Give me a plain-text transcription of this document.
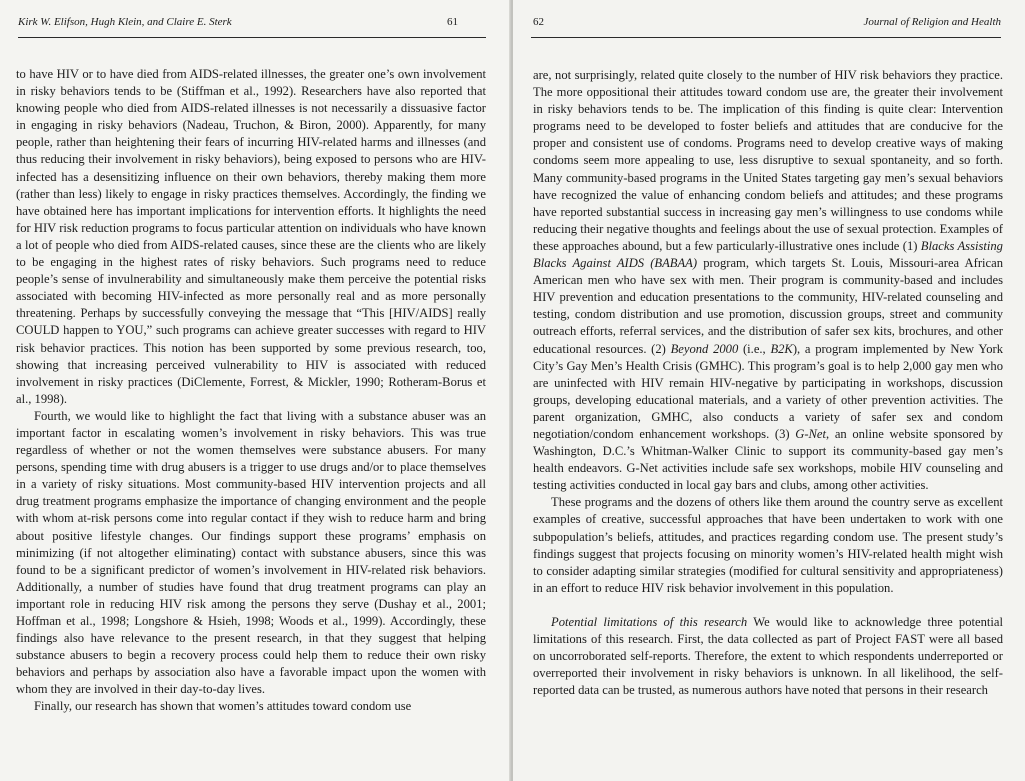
Kirk W. Elifson, Hugh Klein, and Claire E. Sterk	61

to have HIV or to have died from AIDS-related illnesses, the greater one’s own involvement in risky behaviors tends to be (Stiffman et al., 1992). Researchers have also reported that knowing people who died from AIDS-related illnesses is not necessarily a dissuasive factor in engaging in risky behaviors (Nadeau, Truchon, & Biron, 2000). Apparently, for many people, rather than heightening their fears of incurring HIV-related harms and illnesses (and thus reducing their involvement in risky behaviors), being exposed to persons who are HIV-infected has a desensitizing influence on their own behaviors, thereby making them more (rather than less) likely to engage in risky practices themselves. Accordingly, the finding we have obtained here has important implications for intervention efforts. It highlights the need for HIV risk reduction programs to focus particular attention on individuals who have known a lot of people who died from AIDS-related causes, since these are the clients who are likely to be engaging in the highest rates of risky behaviors. Such programs need to reduce people’s sense of invulnerability and simultaneously make them perceive the potential risks associated with becoming HIV-infected as more personally real and as more personally threatening. Perhaps by successfully conveying the message that “This [HIV/AIDS] really COULD happen to YOU,” such programs can achieve greater successes with regard to HIV risk behavior practices. This notion has been supported by some previous research, too, showing that increasing perceived vulnerability to HIV is associated with reduced involvement in risky practices (DiClemente, Forrest, & Mickler, 1990; Rotheram-Borus et al., 1998).

Fourth, we would like to highlight the fact that living with a substance abuser was an important factor in escalating women’s involvement in risky behaviors. This was true regardless of whether or not the women themselves were substance abusers. For many persons, spending time with drug abusers is a trigger to use drugs and/or to place themselves in a variety of risky situations. Most community-based HIV intervention projects and all drug treatment programs emphasize the importance of changing environment and the people with whom at-risk persons come into regular contact if they wish to reduce harm and bring about positive lifestyle changes. Our findings support these programs’ emphasis on minimizing (if not altogether eliminating) contact with substance abusers, since this was found to be a significant predictor of women’s involvement in HIV-related risk behaviors. Additionally, a number of studies have found that drug treatment programs can play an important role in reducing HIV risk among the persons they serve (Dushay et al., 2001; Hoffman et al., 1998; Longshore & Hsieh, 1998; Woods et al., 1999). Accordingly, these findings also have relevance to the present research, in that they suggest that helping substance abusers to begin a recovery process could help them to reduce their own risky behaviors and perhaps by association also have a favorable impact upon the women with whom they are involved in their day-to-day lives.

Finally, our research has shown that women’s attitudes toward condom use

62	Journal of Religion and Health

are, not surprisingly, related quite closely to the number of HIV risk behaviors they practice. The more oppositional their attitudes toward condom use are, the greater their involvement in risky behaviors tends to be. The implication of this finding is quite clear: Intervention programs need to be developed to foster beliefs and attitudes that are conducive for the proper and consistent use of condoms. Programs need to develop creative ways of making condoms seem more appealing to use, less disruptive to sexual spontaneity, and so forth. Many community-based programs in the United States targeting gay men’s sexual behaviors have recognized the value of enhancing condom beliefs and attitudes; and these programs have reported substantial success in increasing gay men’s willingness to use condoms while reducing their negative thoughts and feelings about the use of sexual protection. Examples of these approaches abound, but a few particularly-illustrative ones include (1) Blacks Assisting Blacks Against AIDS (BABAA) program, which targets St. Louis, Missouri-area African American men who have sex with men. Their program is community-based and includes HIV prevention and education presentations to the community, HIV-related counseling and testing, condom distribution and use promotion, discussion groups, street and community outreach efforts, referral services, and the distribution of safer sex kits, brochures, and other educational resources. (2) Beyond 2000 (i.e., B2K), a program implemented by New York City’s Gay Men’s Health Crisis (GMHC). This program’s goal is to help 2,000 gay men who are uninfected with HIV remain HIV-negative by participating in workshops, discussion groups, developing educational materials, and a variety of other prevention activities. The parent organization, GMHC, also conducts a variety of safer sex and condom negotiation/condom enhancement workshops. (3) G-Net, an online website sponsored by Washington, D.C.’s Whitman-Walker Clinic to support its community-based gay men’s health endeavors. G-Net activities include safe sex workshops, mobile HIV counseling and testing activities conducted in local gay bars and clubs, among other activities.

These programs and the dozens of others like them around the country serve as excellent examples of creative, successful approaches that have been undertaken to work with one subpopulation’s beliefs, attitudes, and practices regarding condom use. The present study’s findings suggest that projects focusing on minority women’s HIV-related health might wish to consider adapting similar strategies (modified for cultural sensitivity and appropriateness) in an effort to reduce HIV risk behavior involvement in this population.

Potential limitations of this research We would like to acknowledge three potential limitations of this research. First, the data collected as part of Project FAST were all based on uncorroborated self-reports. Therefore, the extent to which respondents underreported or overreported their involvement in risky behaviors is unknown. In all likelihood, the self-reported data can be trusted, as numerous authors have noted that persons in their research
